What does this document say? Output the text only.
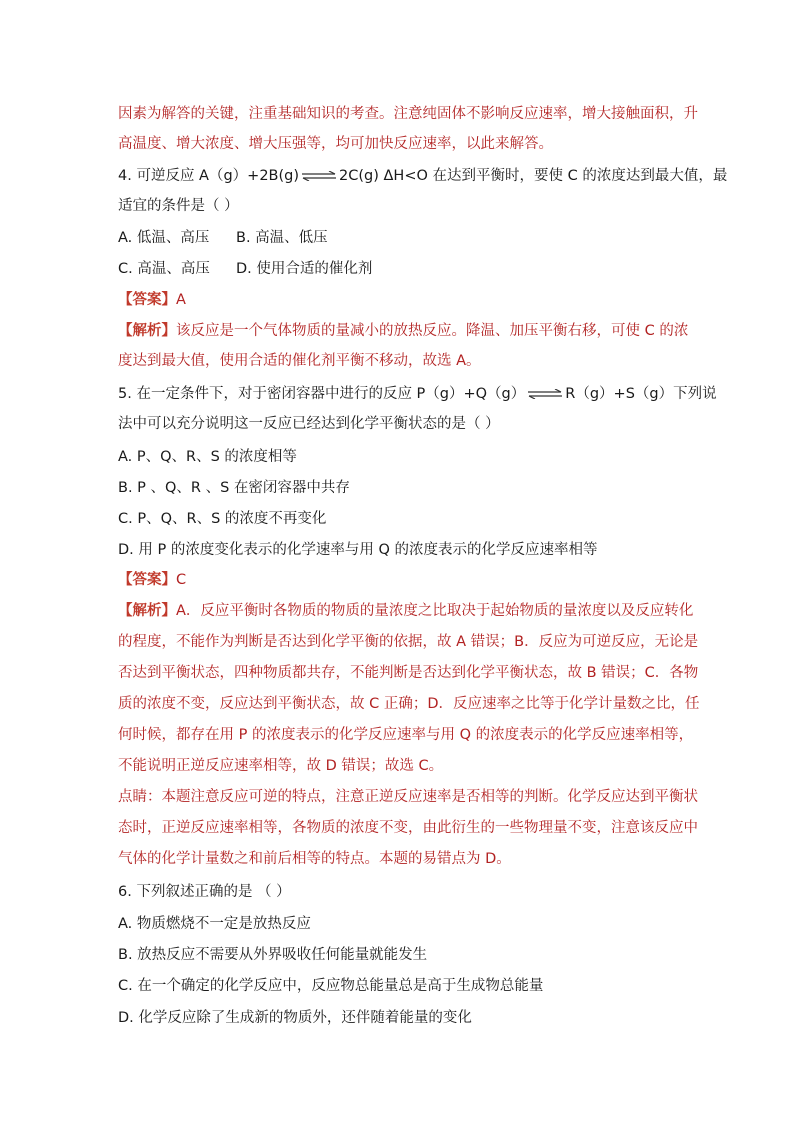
因素为解答的关键，注重基础知识的考查。注意纯固体不影响反应速率，增大接触面积，升
高温度、增大浓度、增大压强等，均可加快反应速率，以此来解答。
4. 可逆反应 A（g）+2B(g) ⇌ 2C(g) ΔH<O 在达到平衡时，要使 C 的浓度达到最大值，最
适宜的条件是（ ）
A. 低温、高压 B. 高温、低压
C. 高温、高压 D. 使用合适的催化剂
【答案】A
【解析】该反应是一个气体物质的量减小的放热反应。降温、加压平衡右移，可使 C 的浓
度达到最大值，使用合适的催化剂平衡不移动，故选 A。
5. 在一定条件下，对于密闭容器中进行的反应 P（g）+Q（g） ⇌ R（g）+S（g）下列说
法中可以充分说明这一反应已经达到化学平衡状态的是（ ）
A. P、Q、R、S 的浓度相等
B. P 、Q、R 、S 在密闭容器中共存
C. P、Q、R、S 的浓度不再变化
D. 用 P 的浓度变化表示的化学速率与用 Q 的浓度表示的化学反应速率相等
【答案】C
【解析】A．反应平衡时各物质的物质的量浓度之比取决于起始物质的量浓度以及反应转化
的程度，不能作为判断是否达到化学平衡的依据，故 A 错误；B．反应为可逆反应，无论是
否达到平衡状态，四种物质都共存，不能判断是否达到化学平衡状态，故 B 错误；C．各物
质的浓度不变，反应达到平衡状态，故 C 正确；D．反应速率之比等于化学计量数之比，任
何时候，都存在用 P 的浓度表示的化学反应速率与用 Q 的浓度表示的化学反应速率相等，
不能说明正逆反应速率相等，故 D 错误；故选 C。
点睛：本题注意反应可逆的特点，注意正逆反应速率是否相等的判断。化学反应达到平衡状
态时，正逆反应速率相等，各物质的浓度不变，由此衍生的一些物理量不变，注意该反应中
气体的化学计量数之和前后相等的特点。本题的易错点为 D。
6. 下列叙述正确的是 （ ）
A. 物质燃烧不一定是放热反应
B. 放热反应不需要从外界吸收任何能量就能发生
C. 在一个确定的化学反应中，反应物总能量总是高于生成物总能量
D. 化学反应除了生成新的物质外，还伴随着能量的变化
